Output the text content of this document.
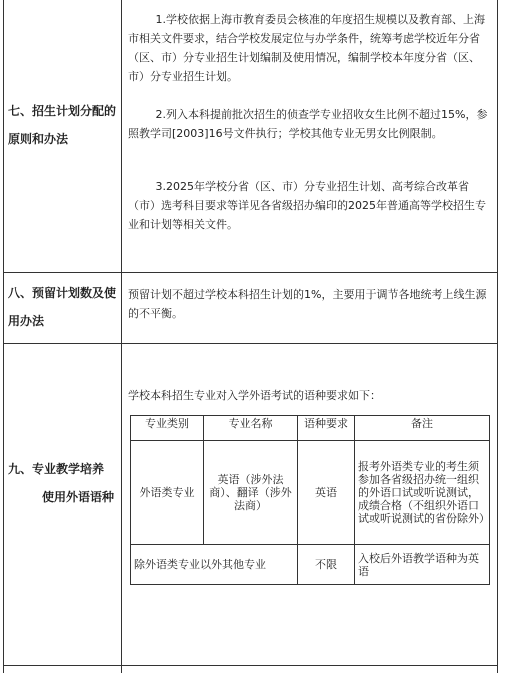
七、招生计划分配的原则和办法
1.学校依据上海市教育委员会核准的年度招生规模以及教育部、上海市相关文件要求，结合学校发展定位与办学条件，统筹考虑学校近年分省（区、市）分专业招生计划编制及使用情况，编制学校本年度分省（区、市）分专业招生计划。
2.列入本科提前批次招生的侦查学专业招收女生比例不超过15%，参照教学司[2003]16号文件执行；学校其他专业无男女比例限制。
3.2025年学校分省（区、市）分专业招生计划、高考综合改革省（市）选考科目要求等详见各省级招办编印的2025年普通高等学校招生专业和计划等相关文件。
八、预留计划数及使用办法
预留计划不超过学校本科招生计划的1%，主要用于调节各地统考上线生源的不平衡。
九、专业教学培养
使用外语语种
学校本科招生专业对入学外语考试的语种要求如下：
专业类别	专业名称	语种要求	备注
外语类专业	英语（涉外法商）、翻译（涉外法商）	英语	报考外语类专业的考生须参加各省级招办统一组织的外语口试或听说测试，成绩合格（不组织外语口试或听说测试的省份除外）
除外语类专业以外其他专业		不限	入校后外语教学语种为英语
